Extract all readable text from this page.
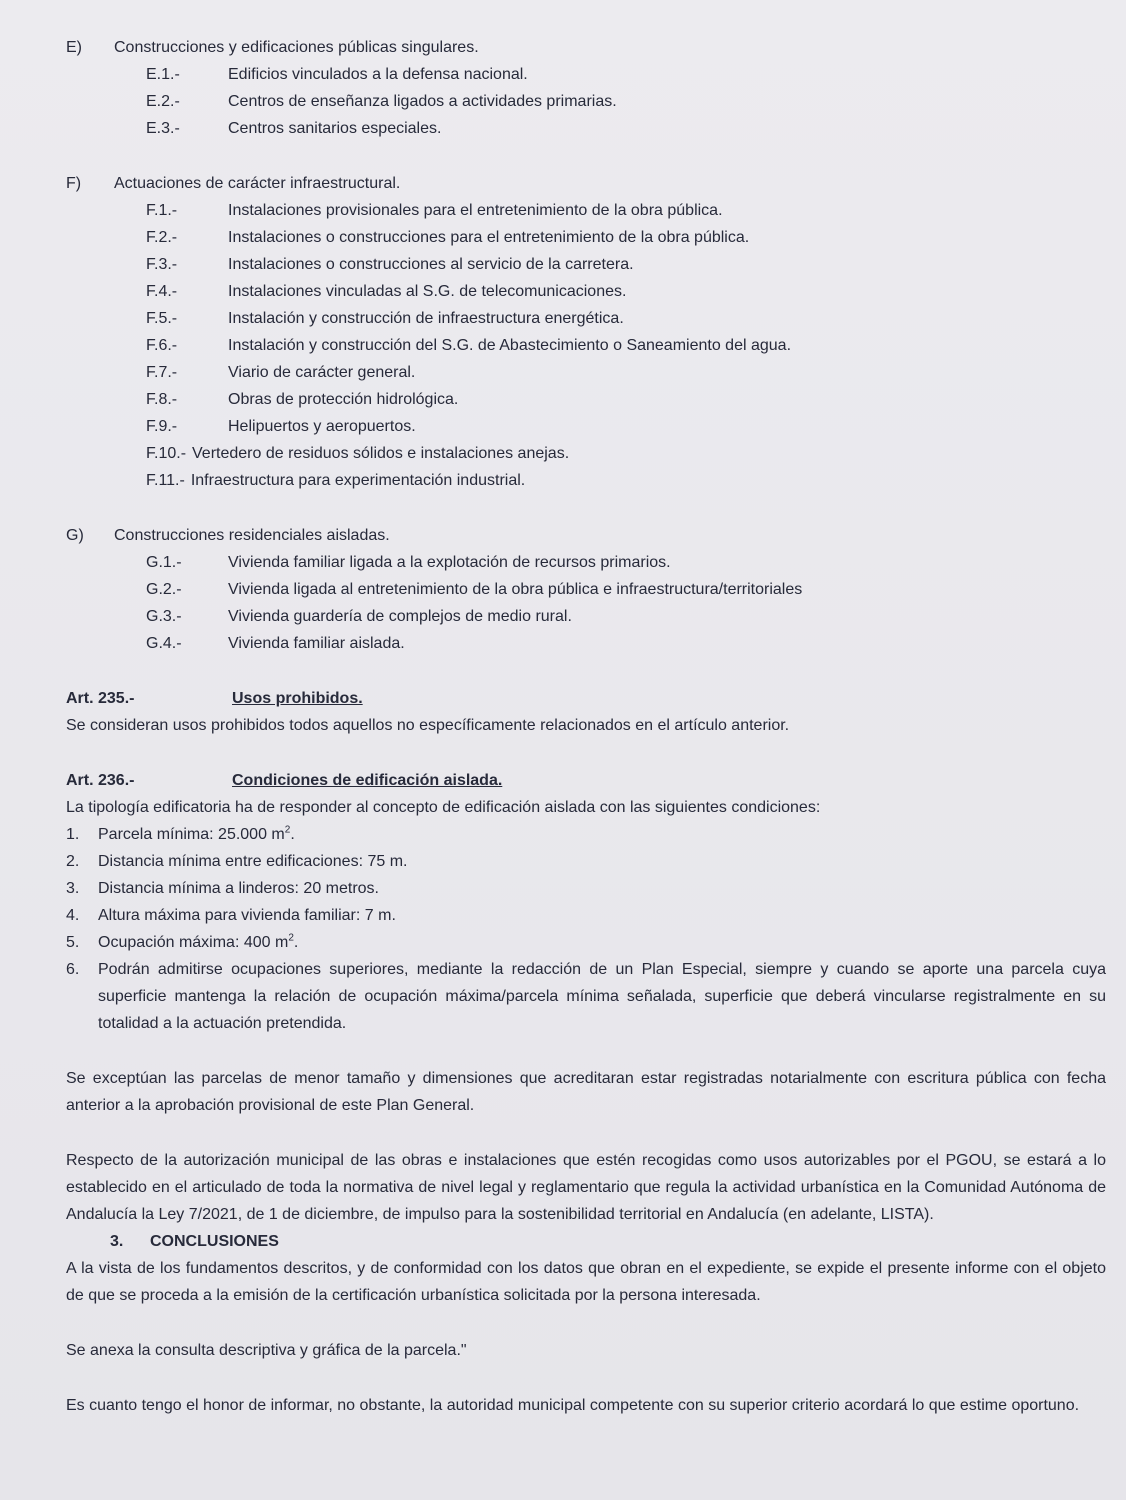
E)	Construcciones y edificaciones públicas singulares.
E.1.-	Edificios vinculados a la defensa nacional.
E.2.-	Centros de enseñanza ligados a actividades primarias.
E.3.-	Centros sanitarios especiales.
F)	Actuaciones de carácter infraestructural.
F.1.-	Instalaciones provisionales para el entretenimiento de la obra pública.
F.2.-	Instalaciones o construcciones para el entretenimiento de la obra pública.
F.3.-	Instalaciones o construcciones al servicio de la carretera.
F.4.-	Instalaciones vinculadas al S.G. de telecomunicaciones.
F.5.-	Instalación y construcción de infraestructura energética.
F.6.-	Instalación y construcción del S.G. de Abastecimiento o Saneamiento del agua.
F.7.-	Viario de carácter general.
F.8.-	Obras de protección hidrológica.
F.9.-	Helipuertos y aeropuertos.
F.10.- Vertedero de residuos sólidos e instalaciones anejas.
F.11.- Infraestructura para experimentación industrial.
G)	Construcciones residenciales aisladas.
G.1.-	Vivienda familiar ligada a la explotación de recursos primarios.
G.2.-	Vivienda ligada al entretenimiento de la obra pública e infraestructura/territoriales
G.3.-	Vivienda guardería de complejos de medio rural.
G.4.-	Vivienda familiar aislada.
Art. 235.-	Usos prohibidos.

Se consideran usos prohibidos todos aquellos no específicamente relacionados en el artículo anterior.

Art. 236.-	Condiciones de edificación aislada.

La tipología edificatoria ha de responder al concepto de edificación aislada con las siguientes condiciones:

1.	Parcela mínima: 25.000 $m^2$.
2.	Distancia mínima entre edificaciones: 75 m.
3.	Distancia mínima a linderos: 20 metros.
4.	Altura máxima para vivienda familiar: 7 m.
5.	Ocupación máxima: 400 $m^2$.
6.	Podrán admitirse ocupaciones superiores, mediante la redacción de un Plan Especial, siempre y cuando se aporte una parcela cuya superficie mantenga la relación de ocupación máxima/parcela mínima señalada, superficie que deberá vincularse registralmente en su totalidad a la actuación pretendida.

Se exceptúan las parcelas de menor tamaño y dimensiones que acreditaran estar registradas notarialmente con escritura pública con fecha anterior a la aprobación provisional de este Plan General.

Respecto de la autorización municipal de las obras e instalaciones que estén recogidas como usos autorizables por el PGOU, se estará a lo establecido en el articulado de toda la normativa de nivel legal y reglamentario que regula la actividad urbanística en la Comunidad Autónoma de Andalucía la Ley 7/2021, de 1 de diciembre, de impulso para la sostenibilidad territorial en Andalucía (en adelante, LISTA).

3.	CONCLUSIONES

A la vista de los fundamentos descritos, y de conformidad con los datos que obran en el expediente, se expide el presente informe con el objeto de que se proceda a la emisión de la certificación urbanística solicitada por la persona interesada.

Se anexa la consulta descriptiva y gráfica de la parcela."

Es cuanto tengo el honor de informar, no obstante, la autoridad municipal competente con su superior criterio acordará lo que estime oportuno.
